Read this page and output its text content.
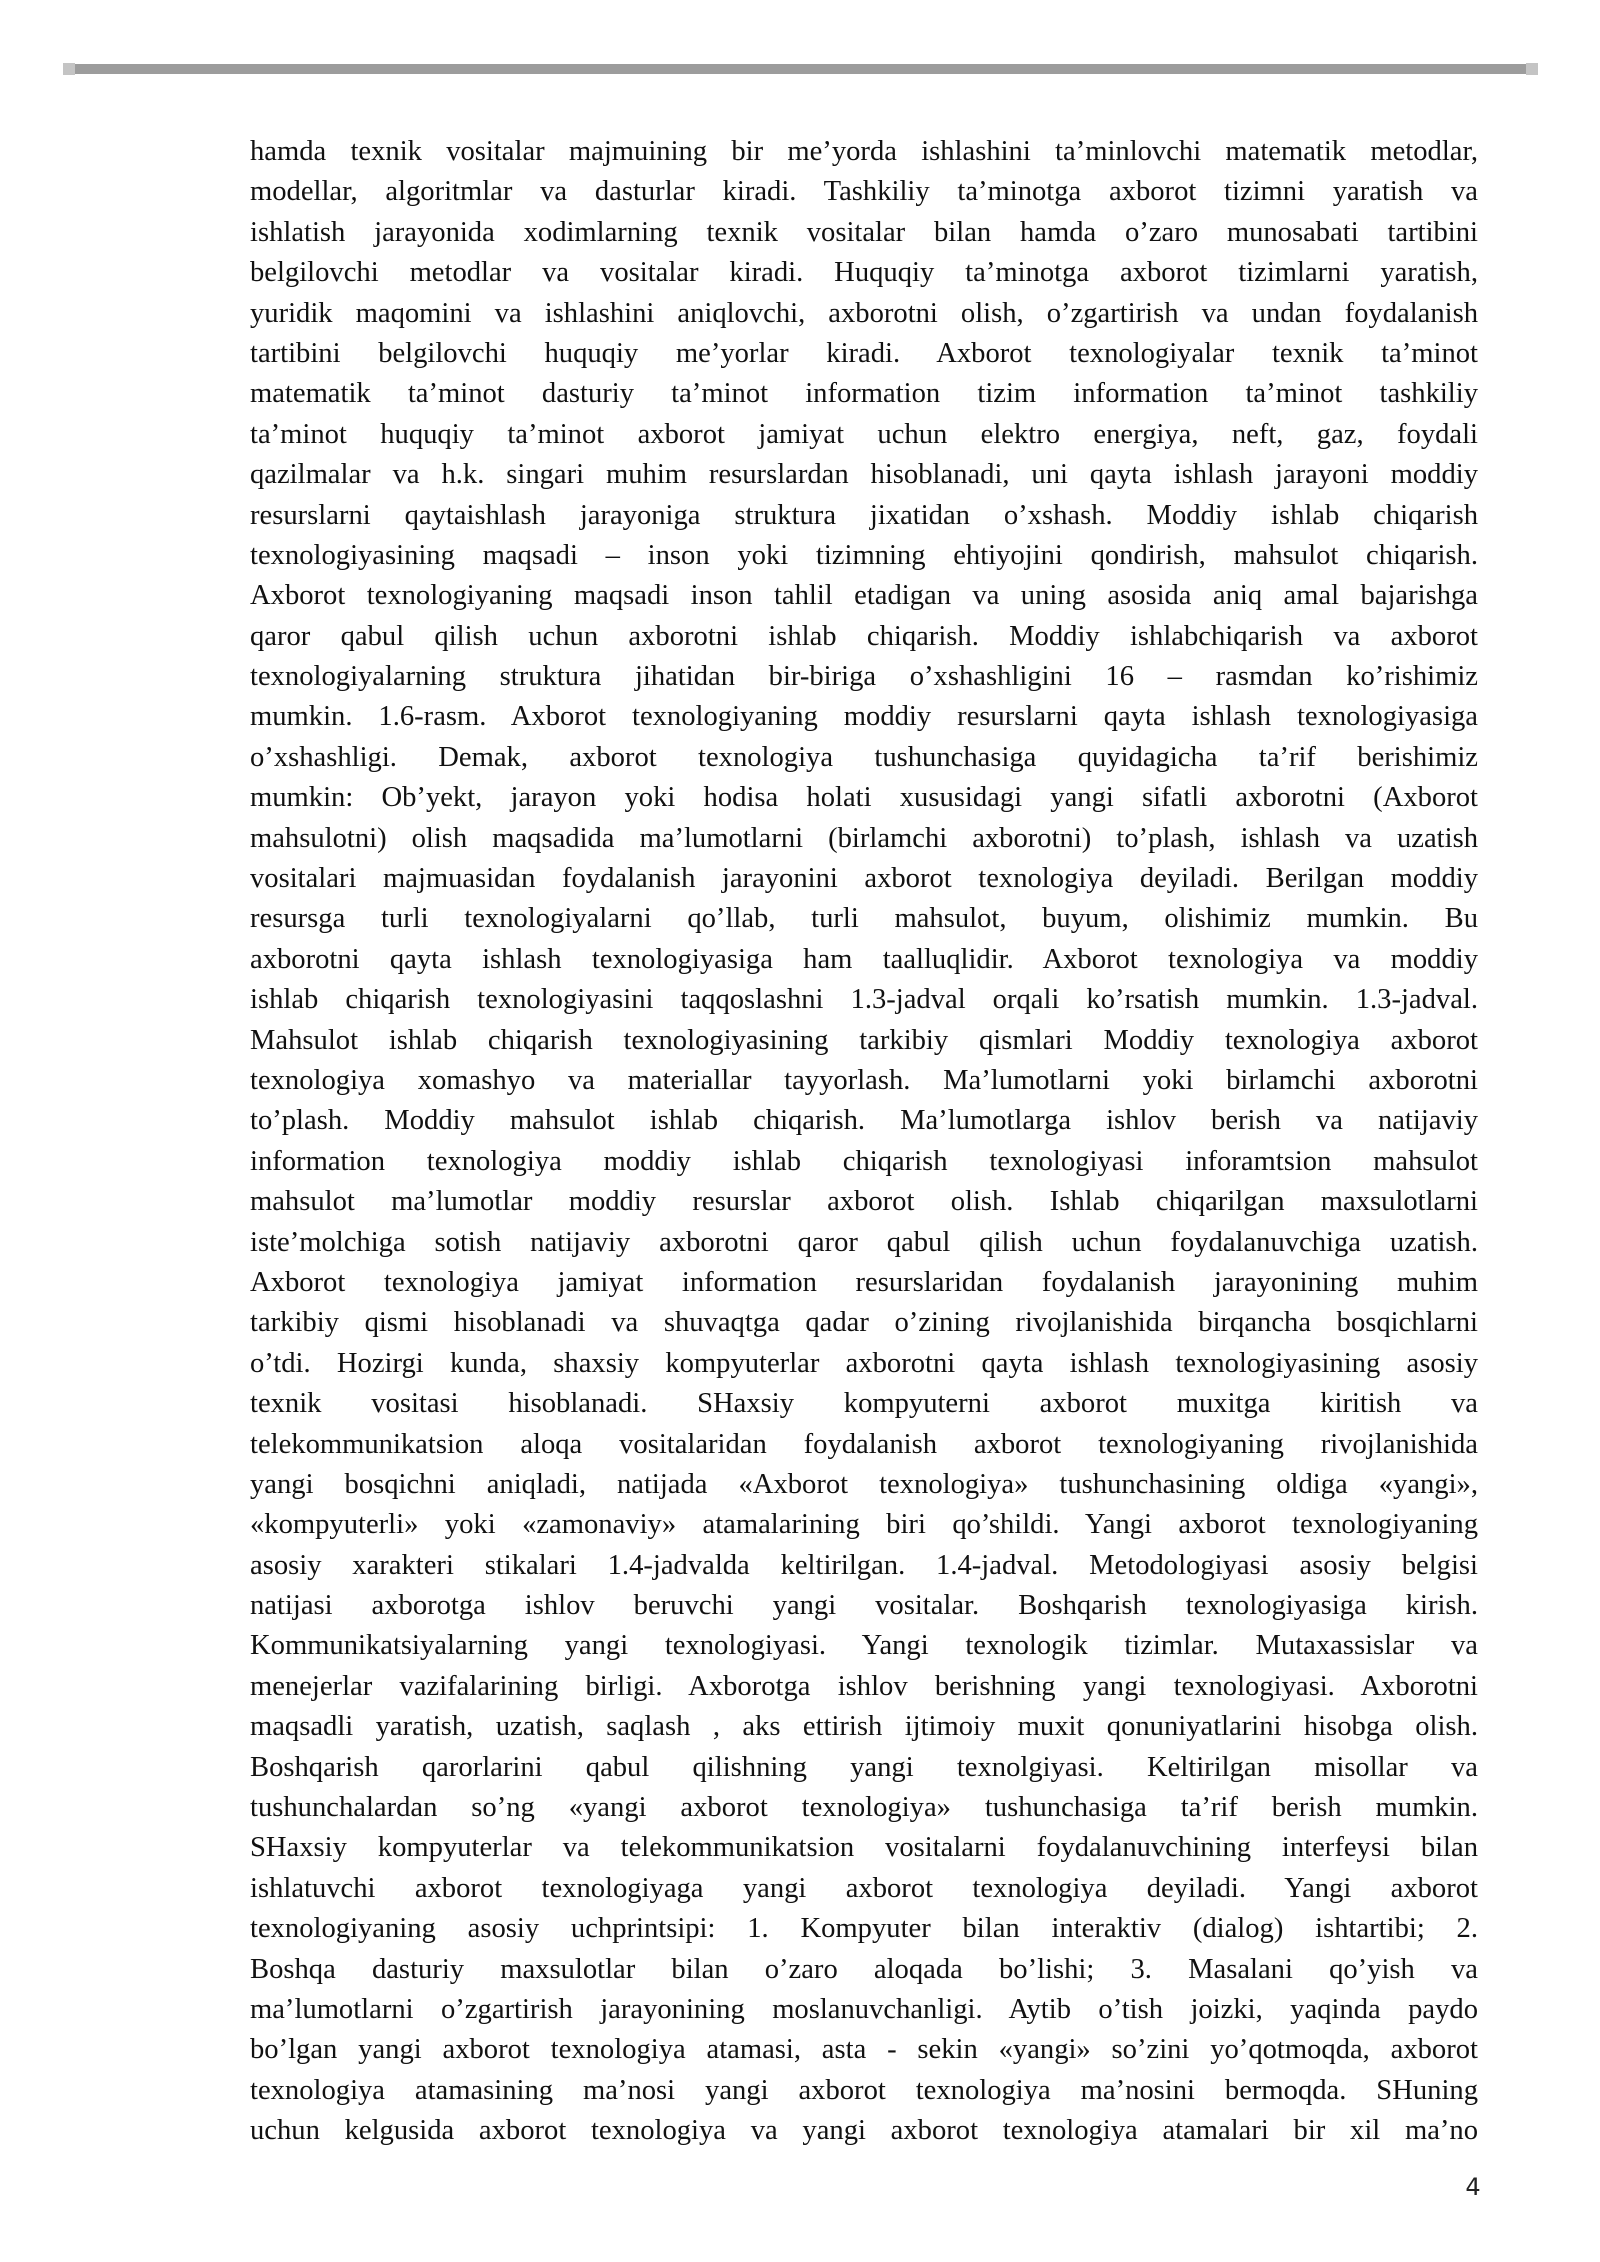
hamda texnik vositalar majmuining bir me’yorda ishlashini ta’minlovchi matematik metodlar,
modellar, algoritmlar va dasturlar kiradi. Tashkiliy ta’minotga axborot tizimni yaratish va
ishlatish jarayonida xodimlarning texnik vositalar bilan hamda o’zaro munosabati tartibini
belgilovchi metodlar va vositalar kiradi. Huquqiy ta’minotga axborot tizimlarni yaratish,
yuridik maqomini va ishlashini aniqlovchi, axborotni olish, o’zgartirish va undan foydalanish
tartibini belgilovchi huquqiy me’yorlar kiradi. Axborot texnologiyalar texnik ta’minot
matematik ta’minot dasturiy ta’minot information tizim information ta’minot tashkiliy
ta’minot huquqiy ta’minot axborot jamiyat uchun elektro energiya, neft, gaz, foydali
qazilmalar va h.k. singari muhim resurslardan hisoblanadi, uni qayta ishlash jarayoni moddiy
resurslarni qaytaishlash jarayoniga struktura jixatidan o’xshash. Moddiy ishlab chiqarish
texnologiyasining maqsadi – inson yoki tizimning ehtiyojini qondirish, mahsulot chiqarish.
Axborot texnologiyaning maqsadi inson tahlil etadigan va uning asosida aniq amal bajarishga
qaror qabul qilish uchun axborotni ishlab chiqarish. Moddiy ishlabchiqarish va axborot
texnologiyalarning struktura jihatidan bir-biriga o’xshashligini 16 – rasmdan ko’rishimiz
mumkin. 1.6-rasm. Axborot texnologiyaning moddiy resurslarni qayta ishlash texnologiyasiga
o’xshashligi. Demak, axborot texnologiya tushunchasiga quyidagicha ta’rif berishimiz
mumkin: Ob’yekt, jarayon yoki hodisa holati xususidagi yangi sifatli axborotni (Axborot
mahsulotni) olish maqsadida ma’lumotlarni (birlamchi axborotni) to’plash, ishlash va uzatish
vositalari majmuasidan foydalanish jarayonini axborot texnologiya deyiladi. Berilgan moddiy
resursga turli texnologiyalarni qo’llab, turli mahsulot, buyum, olishimiz mumkin. Bu
axborotni qayta ishlash texnologiyasiga ham taalluqlidir. Axborot texnologiya va moddiy
ishlab chiqarish texnologiyasini taqqoslashni 1.3-jadval orqali ko’rsatish mumkin. 1.3-jadval.
Mahsulot ishlab chiqarish texnologiyasining tarkibiy qismlari Moddiy texnologiya axborot
texnologiya xomashyo va materiallar tayyorlash. Ma’lumotlarni yoki birlamchi axborotni
to’plash. Moddiy mahsulot ishlab chiqarish. Ma’lumotlarga ishlov berish va natijaviy
information texnologiya moddiy ishlab chiqarish texnologiyasi inforamtsion mahsulot
mahsulot ma’lumotlar moddiy resurslar axborot olish. Ishlab chiqarilgan maxsulotlarni
iste’molchiga sotish natijaviy axborotni qaror qabul qilish uchun foydalanuvchiga uzatish.
Axborot texnologiya jamiyat information resurslaridan foydalanish jarayonining muhim
tarkibiy qismi hisoblanadi va shuvaqtga qadar o’zining rivojlanishida birqancha bosqichlarni
o’tdi. Hozirgi kunda, shaxsiy kompyuterlar axborotni qayta ishlash texnologiyasining asosiy
texnik vositasi hisoblanadi. SHaxsiy kompyuterni axborot muxitga kiritish va
telekommunikatsion aloqa vositalaridan foydalanish axborot texnologiyaning rivojlanishida
yangi bosqichni aniqladi, natijada «Axborot texnologiya» tushunchasining oldiga «yangi»,
«kompyuterli» yoki «zamonaviy» atamalarining biri qo’shildi. Yangi axborot texnologiyaning
asosiy xarakteri stikalari 1.4-jadvalda keltirilgan. 1.4-jadval. Metodologiyasi asosiy belgisi
natijasi axborotga ishlov beruvchi yangi vositalar. Boshqarish texnologiyasiga kirish.
Kommunikatsiyalarning yangi texnologiyasi. Yangi texnologik tizimlar. Mutaxassislar va
menejerlar vazifalarining birligi. Axborotga ishlov berishning yangi texnologiyasi. Axborotni
maqsadli yaratish, uzatish, saqlash , aks ettirish ijtimoiy muxit qonuniyatlarini hisobga olish.
Boshqarish qarorlarini qabul qilishning yangi texnolgiyasi. Keltirilgan misollar va
tushunchalardan so’ng «yangi axborot texnologiya» tushunchasiga ta’rif berish mumkin.
SHaxsiy kompyuterlar va telekommunikatsion vositalarni foydalanuvchining interfeysi bilan
ishlatuvchi axborot texnologiyaga yangi axborot texnologiya deyiladi. Yangi axborot
texnologiyaning asosiy uchprintsipi: 1. Kompyuter bilan interaktiv (dialog) ishtartibi; 2.
Boshqa dasturiy maxsulotlar bilan o’zaro aloqada bo’lishi; 3. Masalani qo’yish va
ma’lumotlarni o’zgartirish jarayonining moslanuvchanligi. Aytib o’tish joizki, yaqinda paydo
bo’lgan yangi axborot texnologiya atamasi, asta - sekin «yangi» so’zini yo’qotmoqda, axborot
texnologiya atamasining ma’nosi yangi axborot texnologiya ma’nosini bermoqda. SHuning
uchun kelgusida axborot texnologiya va yangi axborot texnologiya atamalari bir xil ma’no
4
